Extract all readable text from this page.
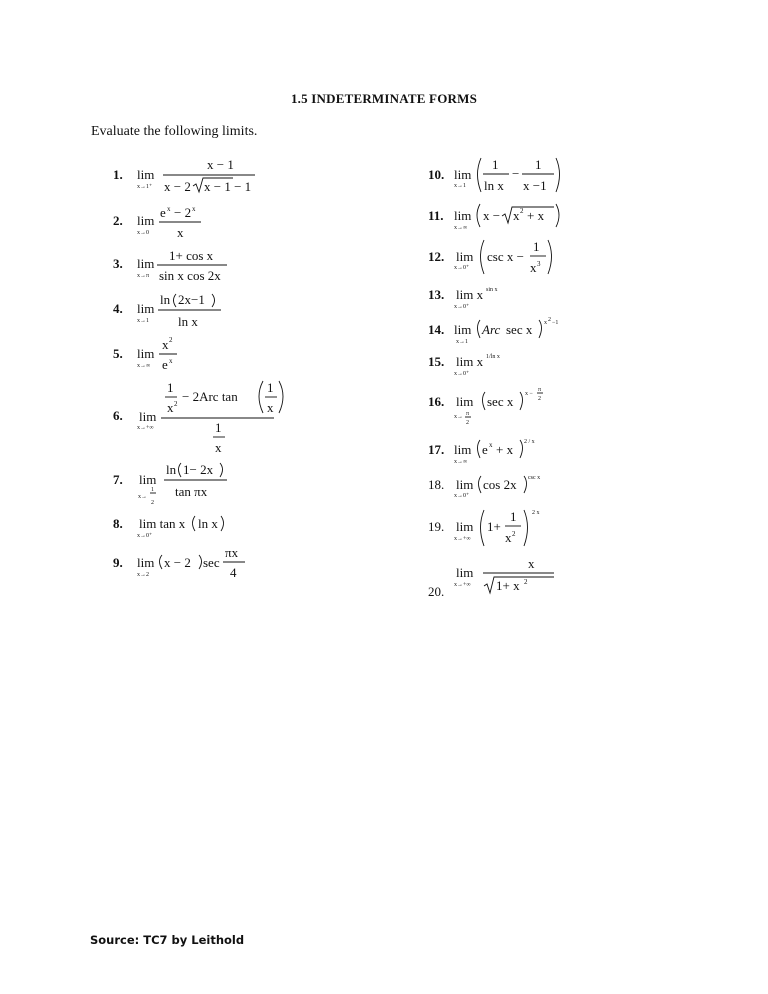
1.5 INDETERMINATE FORMS
Evaluate the following limits.
1. lim
x→1⁺
x − 1
x − 2 x − 1 − 1
2. lim
x→0
e x − 2 x
x
3. lim
x→π
1+ cos x
sin x cos 2x
4. lim
x→1
ln 2x−1
ln x
5. lim
x→∞
x 2
e x
6. lim
x→+∞
1
x 2 − 2Arc tan
1
x
1
x
7. lim
1
x→
2
ln 1− 2x
tan πx
8. lim tan x
x→0⁺
ln x
9. lim
x→2
x − 2 sec
πx
4
10. lim
x→1
1
ln x
−
1
x −1
11. lim
x→∞
x − x 2 + x
12. lim
x→0⁺
csc x −
1
x 3
13. lim x sin x
x→0⁺
14. lim
x→1
Arc sec x x 2 −1
15. lim x 1/ln x
x→0⁺
16. lim
x→ π
2
sec x x −
π
2
17. lim
x→∞
e x + x 2 / x
18. lim
x→0⁺
cos 2x csc x
19. lim
x→+∞
1+
1
x 2
2 x
20.
lim
x→+∞
x
1+ x 2
Source: TC7 by Leithold
